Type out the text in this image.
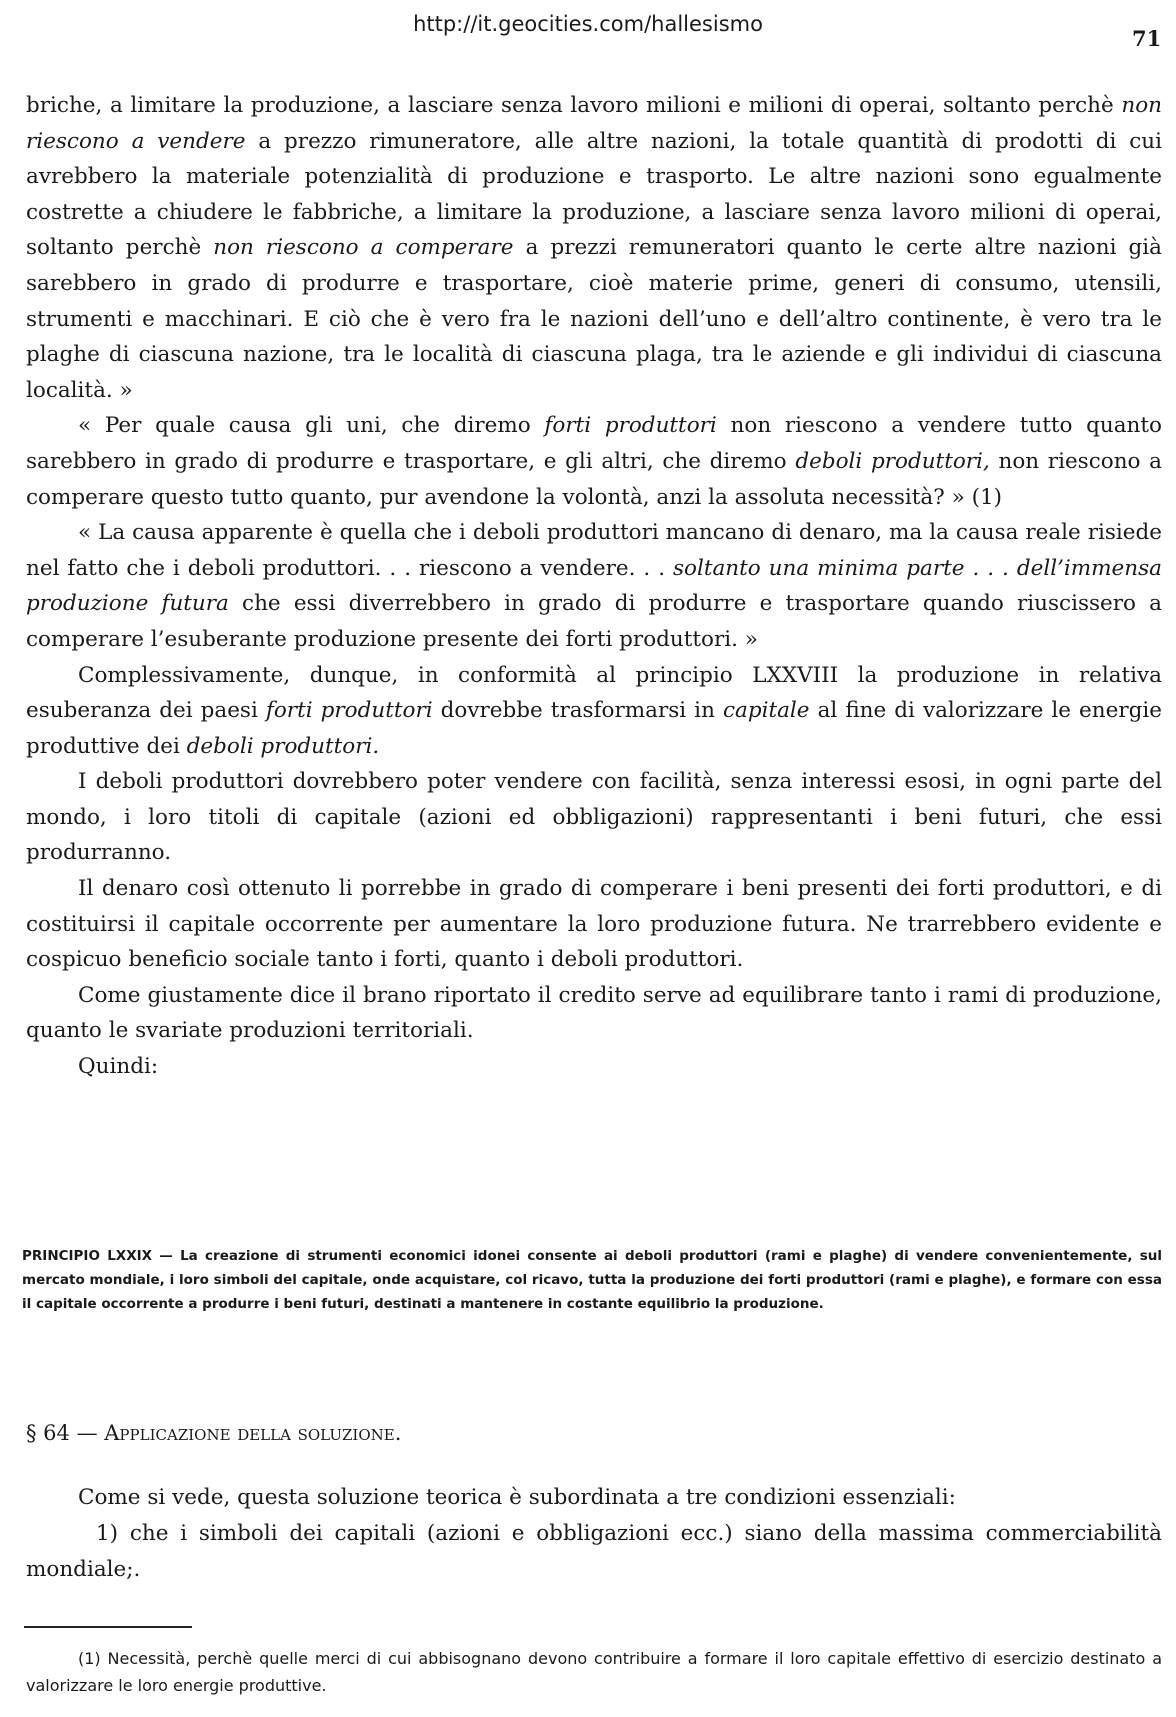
http://it.geocities.com/hallesismo
71

briche, a limitare la produzione, a lasciare senza lavoro milioni e milioni di operai, soltanto perchè non riescono a vendere a prezzo rimuneratore, alle altre nazioni, la totale quantità di prodotti di cui avrebbero la materiale potenzialità di produzione e trasporto. Le altre nazioni sono egualmente costrette a chiudere le fabbriche, a limitare la produzione, a lasciare senza lavoro milioni di operai, soltanto perchè non riescono a comperare a prezzi remuneratori quanto le certe altre nazioni già sarebbero in grado di produrre e trasportare, cioè materie prime, generi di consumo, utensili, strumenti e macchinari. E ciò che è vero fra le nazioni dell’uno e dell’altro continente, è vero tra le plaghe di ciascuna nazione, tra le località di ciascuna plaga, tra le aziende e gli individui di ciascuna località. »

« Per quale causa gli uni, che diremo forti produttori non riescono a vendere tutto quanto sarebbero in grado di produrre e trasportare, e gli altri, che diremo deboli produttori, non riescono a comperare questo tutto quanto, pur avendone la volontà, anzi la assoluta necessità? » (1)

« La causa apparente è quella che i deboli produttori mancano di denaro, ma la causa reale risiede nel fatto che i deboli produttori. . . riescono a vendere. . . soltanto una minima parte . . . dell’immensa produzione futura che essi diverrebbero in grado di produrre e trasportare quando riuscissero a comperare l’esuberante produzione presente dei forti produttori. »

Complessivamente, dunque, in conformità al principio LXXVIII la produzione in relativa esuberanza dei paesi forti produttori dovrebbe trasformarsi in capitale al fine di valorizzare le energie produttive dei deboli produttori.

I deboli produttori dovrebbero poter vendere con facilità, senza interessi esosi, in ogni parte del mondo, i loro titoli di capitale (azioni ed obbligazioni) rappresentanti i beni futuri, che essi produrranno.

Il denaro così ottenuto li porrebbe in grado di comperare i beni presenti dei forti produttori, e di costituirsi il capitale occorrente per aumentare la loro produzione futura. Ne trarrebbero evidente e cospicuo beneficio sociale tanto i forti, quanto i deboli produttori.

Come giustamente dice il brano riportato il credito serve ad equilibrare tanto i rami di produzione, quanto le svariate produzioni territoriali.

Quindi:

PRINCIPIO LXXIX — La creazione di strumenti economici idonei consente ai deboli produttori (rami e plaghe) di vendere convenientemente, sul mercato mondiale, i loro simboli del capitale, onde acquistare, col ricavo, tutta la produzione dei forti produttori (rami e plaghe), e formare con essa il capitale occorrente a produrre i beni futuri, destinati a mantenere in costante equilibrio la produzione.
§ 64 — Applicazione della soluzione.

Come si vede, questa soluzione teorica è subordinata a tre condizioni essenziali:

1) che i simboli dei capitali (azioni e obbligazioni ecc.) siano della massima commerciabilità mondiale;.

(1) Necessità, perchè quelle merci di cui abbisognano devono contribuire a formare il loro capitale effettivo di esercizio destinato a valorizzare le loro energie produttive.
